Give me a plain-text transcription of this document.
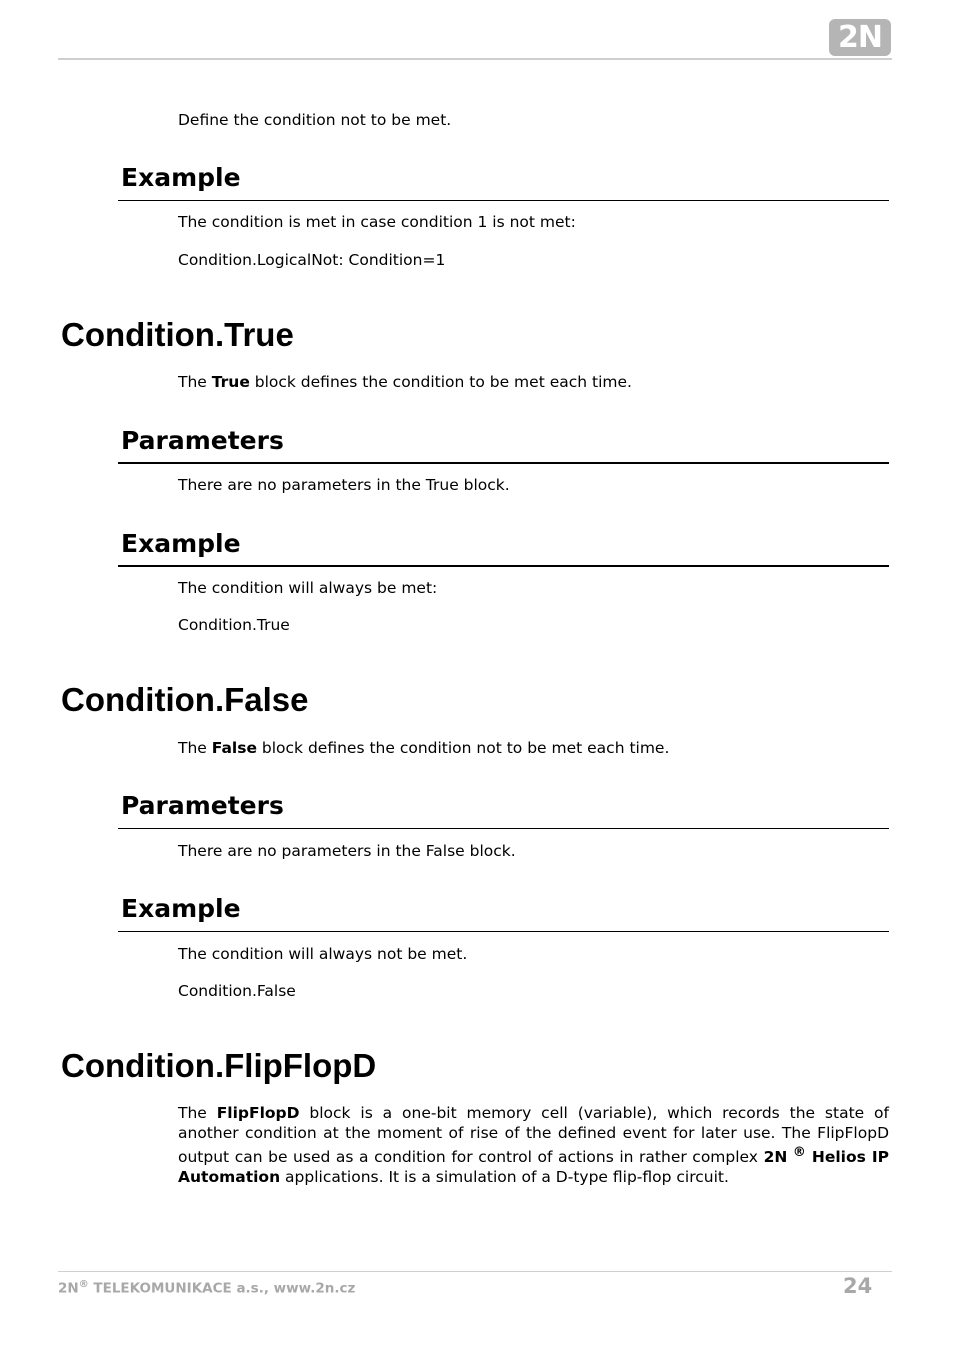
2N
Define the condition not to be met.
Example
The condition is met in case condition 1 is not met:
Condition.LogicalNot: Condition=1
Condition.True
The True block defines the condition to be met each time.
Parameters
There are no parameters in the True block.
Example
The condition will always be met:
Condition.True
Condition.False
The False block defines the condition not to be met each time.
Parameters
There are no parameters in the False block.
Example
The condition will always not be met.
Condition.False
Condition.FlipFlopD
The FlipFlopD block is a one-bit memory cell (variable), which records the state of another condition at the moment of rise of the defined event for later use. The FlipFlopD output can be used as a condition for control of actions in rather complex 2N ® Helios IP Automation applications. It is a simulation of a D-type flip-flop circuit.
2N® TELEKOMUNIKACE a.s., www.2n.cz	24
